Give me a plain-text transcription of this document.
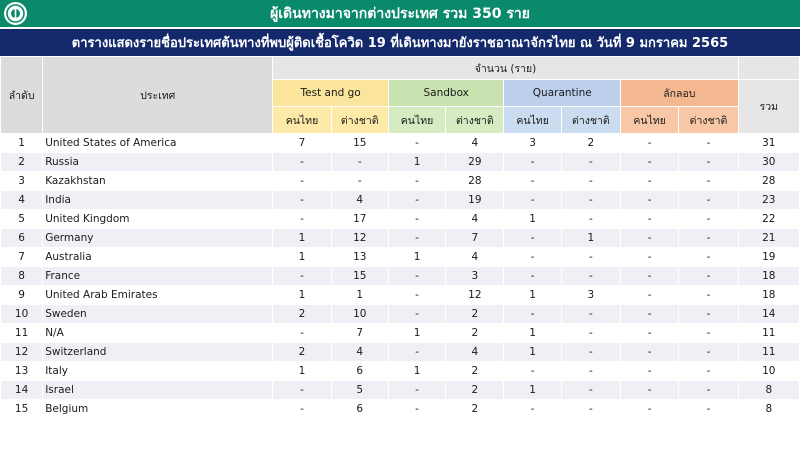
ผู้เดินทางมาจากต่างประเทศ รวม 350 ราย
ตารางแสดงรายชื่อประเทศต้นทางที่พบผู้ติดเชื้อโควิด 19 ที่เดินทางมายังราชอาณาจักรไทย ณ วันที่ 9 มกราคม 2565
ลำดับ	ประเทศ	จำนวน (ราย)								
		Test and go		Sandbox		Quarantine		ลักลอบ		รวม
		คนไทย	ต่างชาติ	คนไทย	ต่างชาติ	คนไทย	ต่างชาติ	คนไทย	ต่างชาติ	
1	United States of America	7	15	-	4	3	2	-	-	31
2	Russia	-	-	1	29	-	-	-	-	30
3	Kazakhstan	-	-	-	28	-	-	-	-	28
4	India	-	4	-	19	-	-	-	-	23
5	United Kingdom	-	17	-	4	1	-	-	-	22
6	Germany	1	12	-	7	-	1	-	-	21
7	Australia	1	13	1	4	-	-	-	-	19
8	France	-	15	-	3	-	-	-	-	18
9	United Arab Emirates	1	1	-	12	1	3	-	-	18
10	Sweden	2	10	-	2	-	-	-	-	14
11	N/A	-	7	1	2	1	-	-	-	11
12	Switzerland	2	4	-	4	1	-	-	-	11
13	Italy	1	6	1	2	-	-	-	-	10
14	Israel	-	5	-	2	1	-	-	-	8
15	Belgium	-	6	-	2	-	-	-	-	8
